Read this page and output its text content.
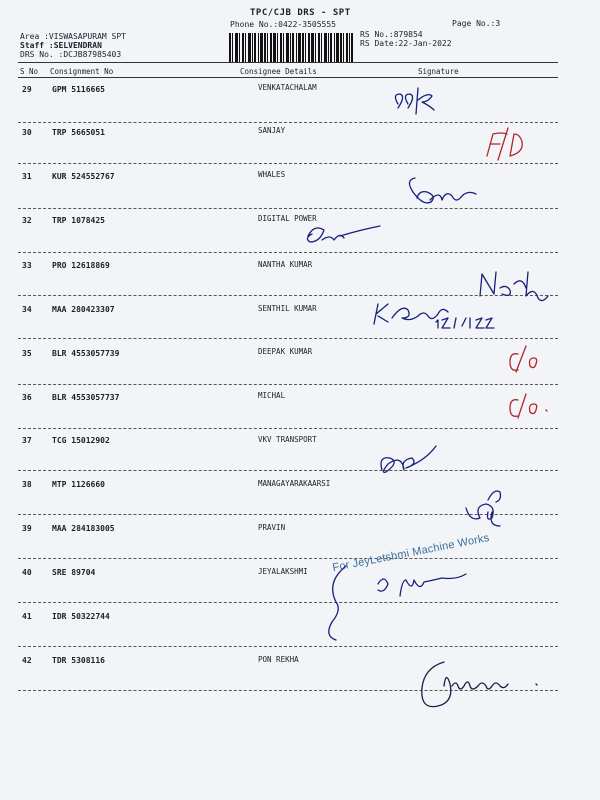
TPC/CJB DRS - SPT
Phone No.:0422-3505555	Page No.:3
Area :VISWASAPURAM SPT
Staff :SELVENDRAN
DRS No. :DCJB87985403
RS No.:879854
RS Date:22-Jan-2022
S No Consignment No	Consignee Details	Signature
29	GPM 5116665	VENKATACHALAM
30	TRP 5665051	SANJAY
31	KUR 524552767	WHALES
32	TRP 1078425	DIGITAL POWER
33	PRO 12618869	NANTHA KUMAR
34	MAA 280423307	SENTHIL KUMAR
35	BLR 4553057739	DEEPAK KUMAR
36	BLR 4553057737	MICHAL
37	TCG 15012902	VKV TRANSPORT
38	MTP 1126660	MANAGAYARAKAARSI
39	MAA 284183005	PRAVIN
40	SRE 89704	JEYALAKSHMI
41	IDR 50322744
42	TDR 5308116	PON REKHA
For JeyLetshmi Machine Works
